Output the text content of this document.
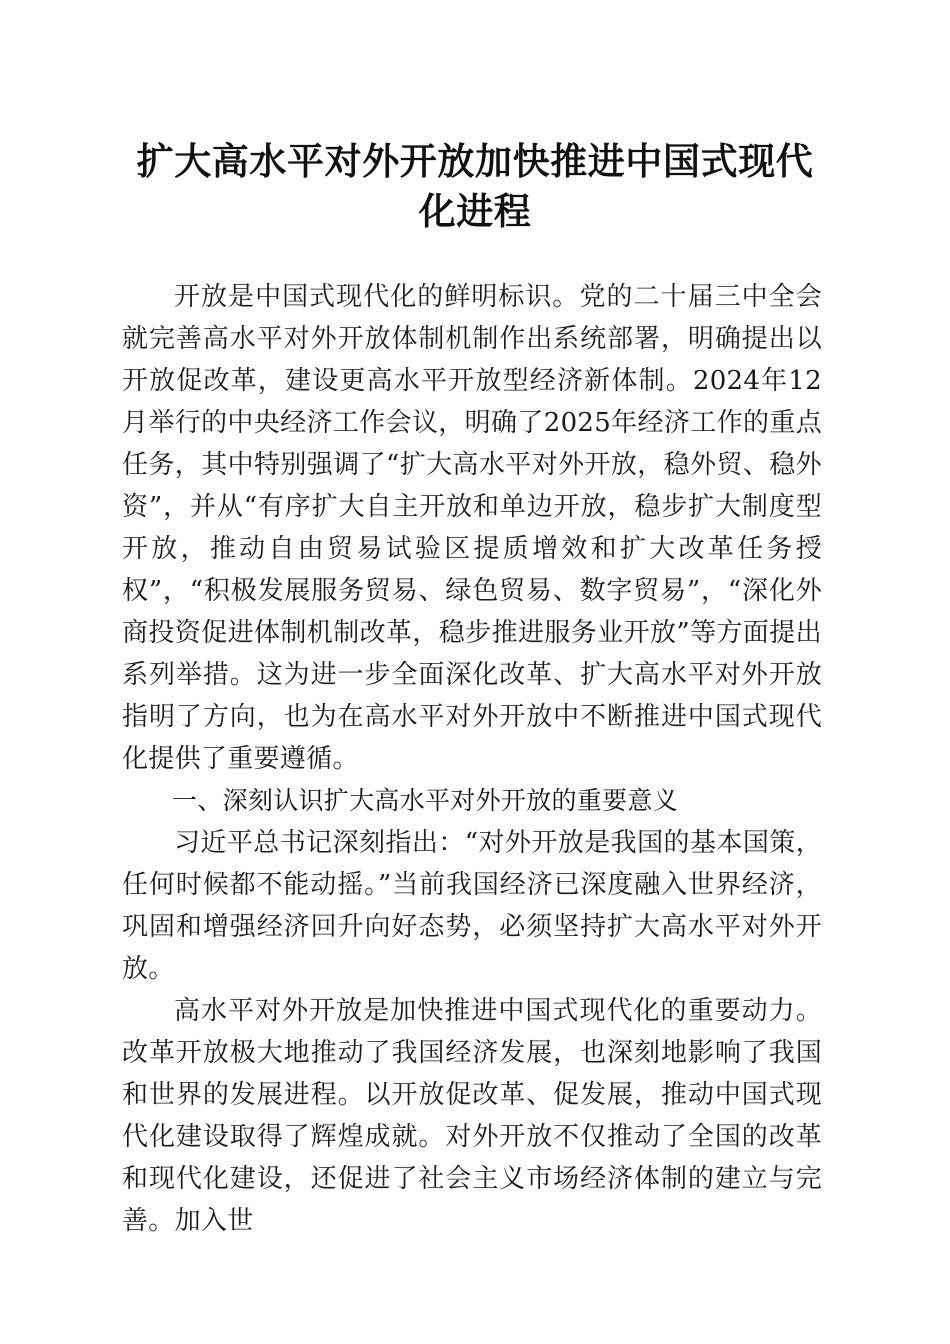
扩大高水平对外开放加快推进中国式现代化进程

开放是中国式现代化的鲜明标识。党的二十届三中全会就完善高水平对外开放体制机制作出系统部署，明确提出以开放促改革，建设更高水平开放型经济新体制。2024年12月举行的中央经济工作会议，明确了2025年经济工作的重点任务，其中特别强调了“扩大高水平对外开放，稳外贸、稳外资”，并从“有序扩大自主开放和单边开放，稳步扩大制度型开放，推动自由贸易试验区提质增效和扩大改革任务授权”，“积极发展服务贸易、绿色贸易、数字贸易”，“深化外商投资促进体制机制改革，稳步推进服务业开放”等方面提出系列举措。这为进一步全面深化改革、扩大高水平对外开放指明了方向，也为在高水平对外开放中不断推进中国式现代化提供了重要遵循。

一、深刻认识扩大高水平对外开放的重要意义

习近平总书记深刻指出：“对外开放是我国的基本国策，任何时候都不能动摇。”当前我国经济已深度融入世界经济，巩固和增强经济回升向好态势，必须坚持扩大高水平对外开放。

高水平对外开放是加快推进中国式现代化的重要动力。改革开放极大地推动了我国经济发展，也深刻地影响了我国和世界的发展进程。以开放促改革、促发展，推动中国式现代化建设取得了辉煌成就。对外开放不仅推动了全国的改革和现代化建设，还促进了社会主义市场经济体制的建立与完善。加入世
